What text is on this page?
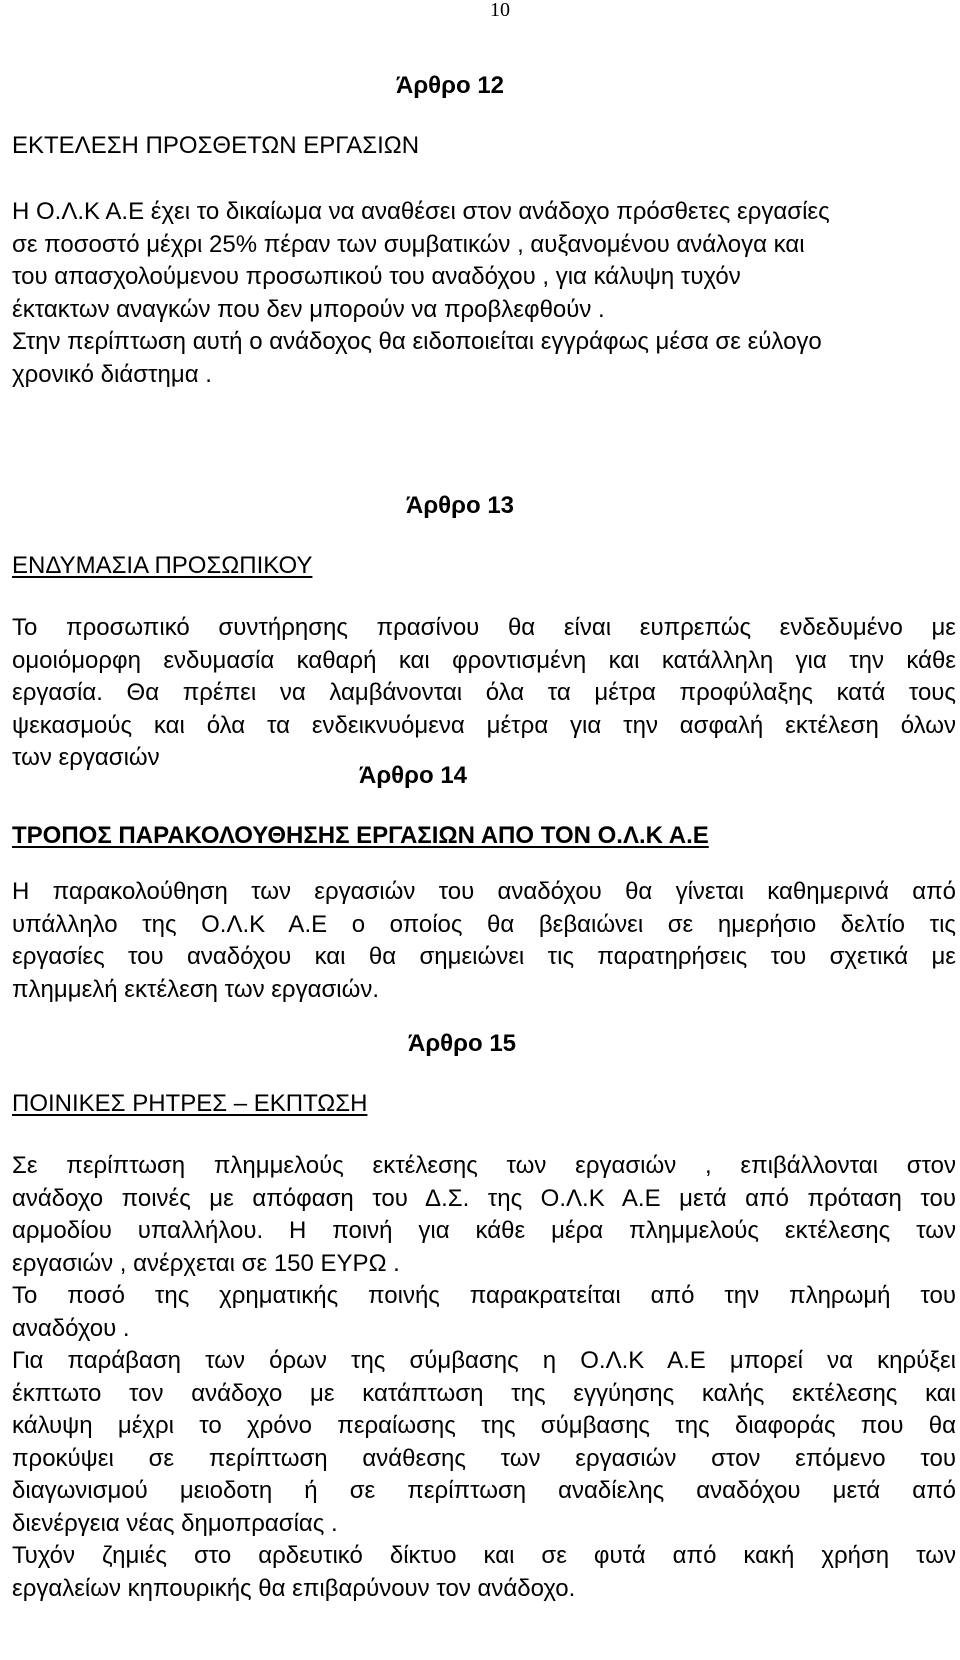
10
Άρθρο 12
ΕΚΤΕΛΕΣΗ ΠΡΟΣΘΕΤΩΝ ΕΡΓΑΣΙΩΝ
Η Ο.Λ.Κ Α.Ε έχει το δικαίωμα να αναθέσει στον ανάδοχο πρόσθετες εργασίες
σε ποσοστό μέχρι 25% πέραν των συμβατικών , αυξανομένου ανάλογα και
του απασχολούμενου προσωπικού του αναδόχου , για κάλυψη τυχόν
έκτακτων αναγκών που δεν μπορούν να προβλεφθούν .
Στην περίπτωση αυτή ο ανάδοχος θα ειδοποιείται εγγράφως μέσα σε εύλογο
χρονικό διάστημα .
Άρθρο 13
ΕΝΔΥΜΑΣΙΑ ΠΡΟΣΩΠΙΚΟΥ
Το προσωπικό συντήρησης πρασίνου θα είναι ευπρεπώς ενδεδυμένο με
ομοιόμορφη ενδυμασία καθαρή και φροντισμένη και κατάλληλη για την κάθε
εργασία. Θα πρέπει να λαμβάνονται όλα τα μέτρα προφύλαξης κατά τους
ψεκασμούς και όλα τα ενδεικνυόμενα μέτρα για την ασφαλή εκτέλεση όλων
των εργασιών
Άρθρο 14
ΤΡΟΠΟΣ ΠΑΡΑΚΟΛΟΥΘΗΣΗΣ ΕΡΓΑΣΙΩΝ ΑΠΟ ΤΟΝ Ο.Λ.Κ Α.Ε
Η παρακολούθηση των εργασιών του αναδόχου θα γίνεται καθημερινά από
υπάλληλο της Ο.Λ.Κ Α.Ε ο οποίος θα βεβαιώνει σε ημερήσιο δελτίο τις
εργασίες του αναδόχου και θα σημειώνει τις παρατηρήσεις του σχετικά με
πλημμελή εκτέλεση των εργασιών.
Άρθρο 15
ΠΟΙΝΙΚΕΣ ΡΗΤΡΕΣ – ΕΚΠΤΩΣΗ
Σε περίπτωση πλημμελούς εκτέλεσης των εργασιών , επιβάλλονται στον
ανάδοχο ποινές με απόφαση του Δ.Σ. της Ο.Λ.Κ Α.Ε μετά από πρόταση του
αρμοδίου υπαλλήλου. Η ποινή για κάθε μέρα πλημμελούς εκτέλεσης των
εργασιών , ανέρχεται σε 150 ΕΥΡΩ .
Το ποσό της χρηματικής ποινής παρακρατείται από την πληρωμή του
αναδόχου .
Για παράβαση των όρων της σύμβασης η Ο.Λ.Κ Α.Ε μπορεί να κηρύξει
έκπτωτο τον ανάδοχο με κατάπτωση της εγγύησης καλής εκτέλεσης και
κάλυψη μέχρι το χρόνο περαίωσης της σύμβασης της διαφοράς που θα
προκύψει σε περίπτωση ανάθεσης των εργασιών στον επόμενο του
διαγωνισμού μειοδοτη ή σε περίπτωση αναδίελης αναδόχου μετά από
διενέργεια νέας δημοπρασίας .
Τυχόν ζημιές στο αρδευτικό δίκτυο και σε φυτά από κακή χρήση των
εργαλείων κηπουρικής θα επιβαρύνουν τον ανάδοχο.
